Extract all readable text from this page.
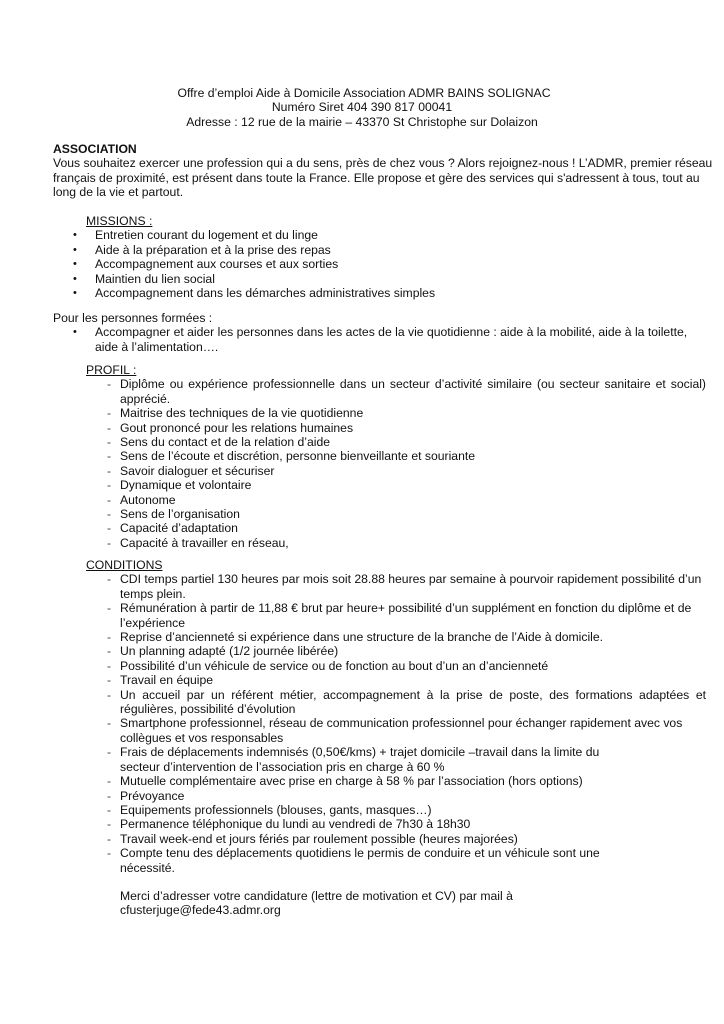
Offre d’emploi Aide à Domicile Association ADMR BAINS SOLIGNAC
Numéro Siret 404 390 817 00041
Adresse : 12 rue de la mairie – 43370 St Christophe sur Dolaizon
ASSOCIATION

Vous souhaitez exercer une profession qui a du sens, près de chez vous ? Alors rejoignez-nous ! L’ADMR, premier réseau français de proximité, est présent dans toute la France. Elle propose et gère des services qui s'adressent à tous, tout au long de la vie et partout.

MISSIONS :
• Entretien courant du logement et du linge
• Aide à la préparation et à la prise des repas
• Accompagnement aux courses et aux sorties
• Maintien du lien social
• Accompagnement dans les démarches administratives simples
Pour les personnes formées :
• Accompagner et aider les personnes dans les actes de la vie quotidienne : aide à la mobilité, aide à la toilette, aide à l’alimentation….
PROFIL :
- Diplôme ou expérience professionnelle dans un secteur d’activité similaire (ou secteur sanitaire et social) apprécié.
- Maitrise des techniques de la vie quotidienne
- Gout prononcé pour les relations humaines
- Sens du contact et de la relation d’aide
- Sens de l’écoute et discrétion, personne bienveillante et souriante
- Savoir dialoguer et sécuriser
- Dynamique et volontaire
- Autonome
- Sens de l’organisation
- Capacité d’adaptation
- Capacité à travailler en réseau,
CONDITIONS
- CDI temps partiel 130 heures par mois soit 28.88 heures par semaine à pourvoir rapidement possibilité d’un temps plein.
- Rémunération à partir de 11,88 € brut par heure+ possibilité d’un supplément en fonction du diplôme et de l’expérience
- Reprise d’ancienneté si expérience dans une structure de la branche de l’Aide à domicile.
- Un planning adapté (1/2 journée libérée)
- Possibilité d’un véhicule de service ou de fonction au bout d’un an d’ancienneté
- Travail en équipe
- Un accueil par un référent métier, accompagnement à la prise de poste, des formations adaptées et régulières, possibilité d’évolution
- Smartphone professionnel, réseau de communication professionnel pour échanger rapidement avec vos collègues et vos responsables
- Frais de déplacements indemnisés (0,50€/kms) + trajet domicile –travail dans la limite du secteur d’intervention de l’association pris en charge à 60 %
- Mutuelle complémentaire avec prise en charge à 58 % par l’association (hors options)
- Prévoyance
- Equipements professionnels (blouses, gants, masques…)
- Permanence téléphonique du lundi au vendredi de 7h30 à 18h30
- Travail week-end et jours fériés par roulement possible (heures majorées)
- Compte tenu des déplacements quotidiens le permis de conduire et un véhicule sont une nécessité.
Merci d’adresser votre candidature (lettre de motivation et CV) par mail à
cfusterjuge@fede43.admr.org
